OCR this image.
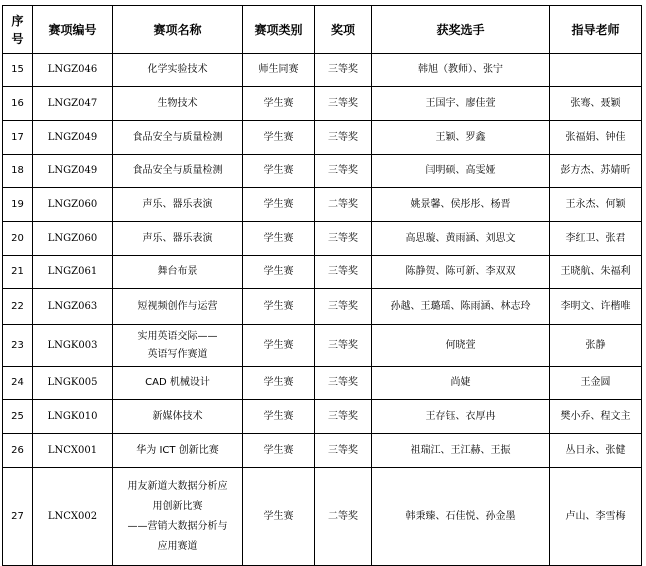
序
号	赛项编号	赛项名称	赛项类别	奖项	获奖选手	指导老师
15	LNGZ046	化学实验技术	师生同赛	三等奖	韩旭（教师）、张宁	
16	LNGZ047	生物技术	学生赛	三等奖	王国宇、廖佳萱	张骞、聂颖
17	LNGZ049	食品安全与质量检测	学生赛	三等奖	王颖、罗鑫	张福娟、钟佳
18	LNGZ049	食品安全与质量检测	学生赛	三等奖	闫明硕、高雯娅	彭方杰、苏婧昕
19	LNGZ060	声乐、器乐表演	学生赛	二等奖	姚景馨、侯彤彤、杨晋	王永杰、何颖
20	LNGZ060	声乐、器乐表演	学生赛	三等奖	高思璇、黄雨涵、刘思文	李红卫、张君
21	LNGZ061	舞台布景	学生赛	三等奖	陈静贺、陈可新、李双双	王晓航、朱福利
22	LNGZ063	短视频创作与运营	学生赛	三等奖	孙越、王璐瑶、陈雨涵、林志玲	李明文、许楷唯
23	LNGK003	实用英语交际——
英语写作赛道	学生赛	三等奖	何晓萱	张静
24	LNGK005	CAD 机械设计	学生赛	三等奖	尚婕	王金圆
25	LNGK010	新媒体技术	学生赛	三等奖	王存钰、衣厚冉	樊小乔、程文主
26	LNCX001	华为 ICT 创新比赛	学生赛	三等奖	祖瑞江、王江赫、王振	丛日永、张健
27	LNCX002	用友新道大数据分析应
用创新比赛
——营销大数据分析与
应用赛道	学生赛	二等奖	韩秉臻、石佳悦、孙金墨	卢山、李雪梅
